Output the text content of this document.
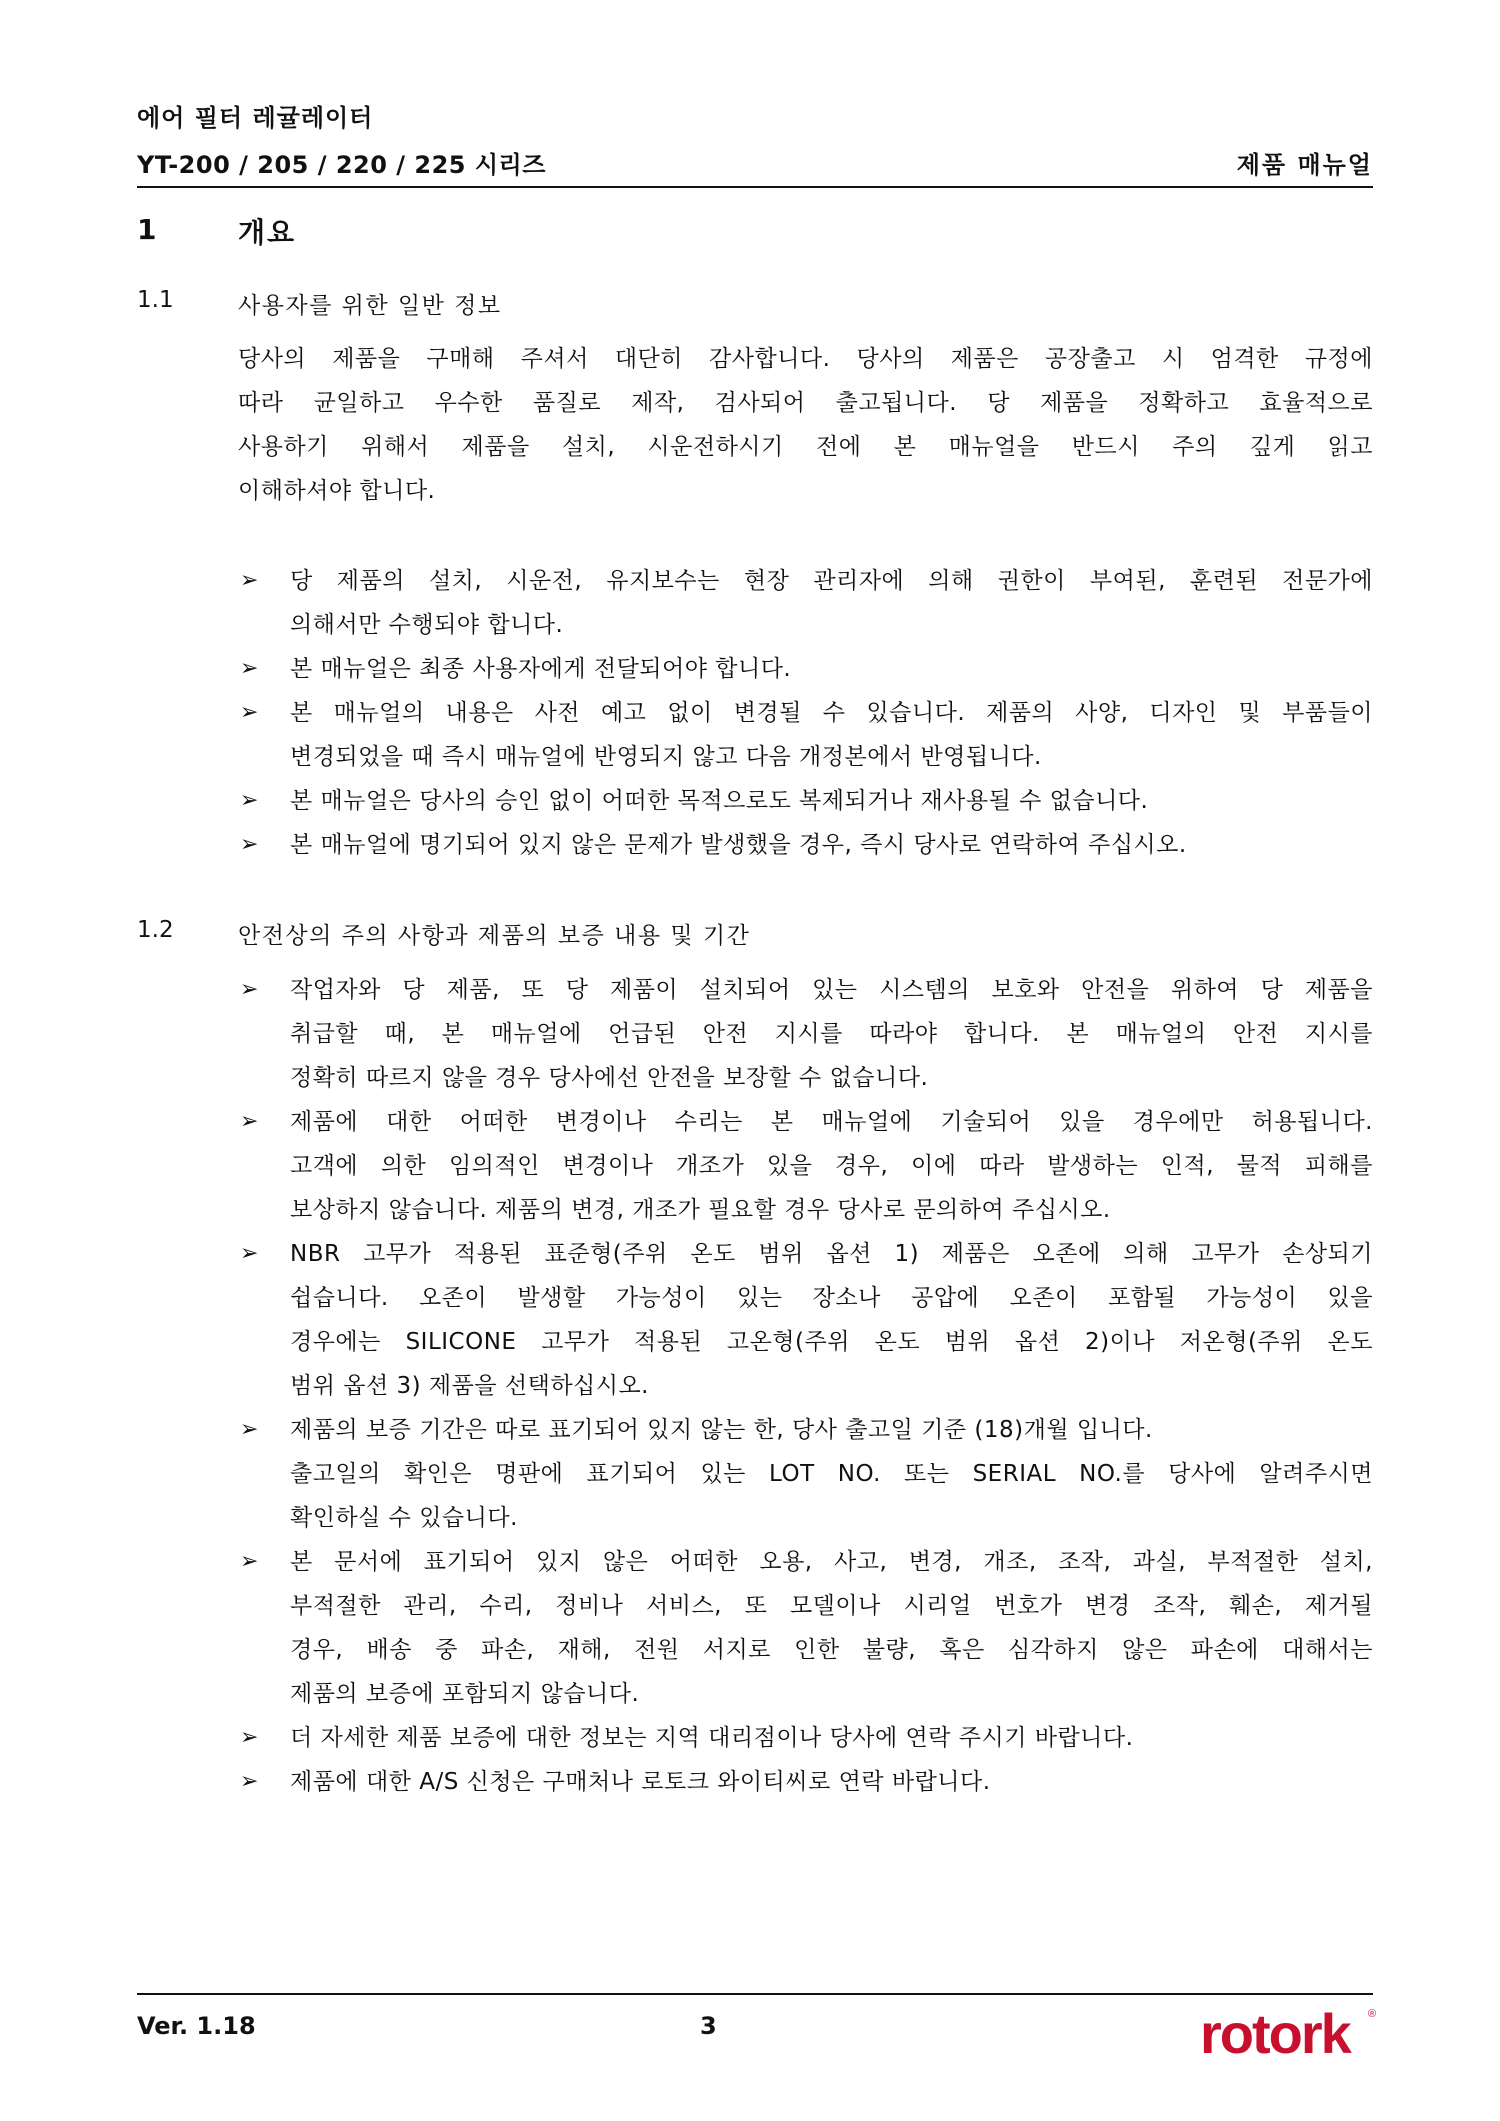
에어 필터 레귤레이터
YT-200 / 205 / 220 / 225 시리즈	제품 매뉴얼
1	개요
1.1	사용자를 위한 일반 정보
당사의 제품을 구매해 주셔서 대단히 감사합니다. 당사의 제품은 공장출고 시 엄격한 규정에
따라 균일하고 우수한 품질로 제작, 검사되어 출고됩니다. 당 제품을 정확하고 효율적으로
사용하기 위해서 제품을 설치, 시운전하시기 전에 본 매뉴얼을 반드시 주의 깊게 읽고
이해하셔야 합니다.
➢ 당 제품의 설치, 시운전, 유지보수는 현장 관리자에 의해 권한이 부여된, 훈련된 전문가에
의해서만 수행되야 합니다.
➢ 본 매뉴얼은 최종 사용자에게 전달되어야 합니다.
➢ 본 매뉴얼의 내용은 사전 예고 없이 변경될 수 있습니다. 제품의 사양, 디자인 및 부품들이
변경되었을 때 즉시 매뉴얼에 반영되지 않고 다음 개정본에서 반영됩니다.
➢ 본 매뉴얼은 당사의 승인 없이 어떠한 목적으로도 복제되거나 재사용될 수 없습니다.
➢ 본 매뉴얼에 명기되어 있지 않은 문제가 발생했을 경우, 즉시 당사로 연락하여 주십시오.
1.2	안전상의 주의 사항과 제품의 보증 내용 및 기간
➢ 작업자와 당 제품, 또 당 제품이 설치되어 있는 시스템의 보호와 안전을 위하여 당 제품을
취급할 때, 본 매뉴얼에 언급된 안전 지시를 따라야 합니다. 본 매뉴얼의 안전 지시를
정확히 따르지 않을 경우 당사에선 안전을 보장할 수 없습니다.
➢ 제품에 대한 어떠한 변경이나 수리는 본 매뉴얼에 기술되어 있을 경우에만 허용됩니다.
고객에 의한 임의적인 변경이나 개조가 있을 경우, 이에 따라 발생하는 인적, 물적 피해를
보상하지 않습니다. 제품의 변경, 개조가 필요할 경우 당사로 문의하여 주십시오.
➢ NBR 고무가 적용된 표준형(주위 온도 범위 옵션 1) 제품은 오존에 의해 고무가 손상되기
쉽습니다. 오존이 발생할 가능성이 있는 장소나 공압에 오존이 포함될 가능성이 있을
경우에는 SILICONE 고무가 적용된 고온형(주위 온도 범위 옵션 2)이나 저온형(주위 온도
범위 옵션 3) 제품을 선택하십시오.
➢ 제품의 보증 기간은 따로 표기되어 있지 않는 한, 당사 출고일 기준 (18)개월 입니다.
출고일의 확인은 명판에 표기되어 있는 LOT NO. 또는 SERIAL NO.를 당사에 알려주시면
확인하실 수 있습니다.
➢ 본 문서에 표기되어 있지 않은 어떠한 오용, 사고, 변경, 개조, 조작, 과실, 부적절한 설치,
부적절한 관리, 수리, 정비나 서비스, 또 모델이나 시리얼 번호가 변경 조작, 훼손, 제거될
경우, 배송 중 파손, 재해, 전원 서지로 인한 불량, 혹은 심각하지 않은 파손에 대해서는
제품의 보증에 포함되지 않습니다.
➢ 더 자세한 제품 보증에 대한 정보는 지역 대리점이나 당사에 연락 주시기 바랍니다.
➢ 제품에 대한 A/S 신청은 구매처나 로토크 와이티씨로 연락 바랍니다.
Ver. 1.18	3	rotork ®
